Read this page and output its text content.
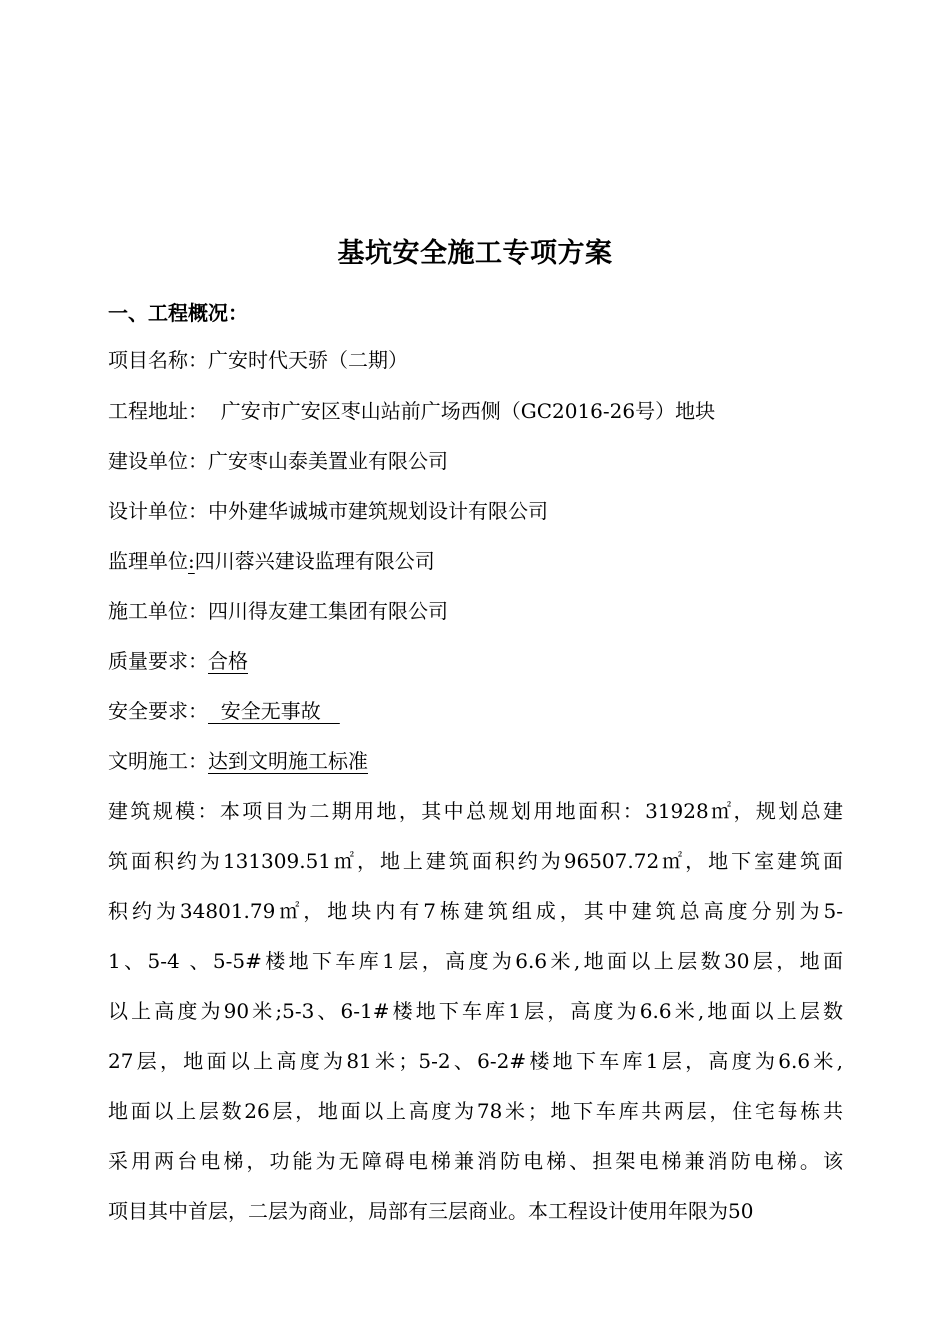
基坑安全施工专项方案
一、工程概况：
项目名称：广安时代天骄（二期）
工程地址：  广安市广安区枣山站前广场西侧（GC2016-26号）地块
建设单位：广安枣山泰美置业有限公司
设计单位：中外建华诚城市建筑规划设计有限公司
监理单位:四川蓉兴建设监理有限公司
施工单位：四川得友建工集团有限公司
质量要求：合格
安全要求：  安全无事故
文明施工：达到文明施工标准
建筑规模：本项目为二期用地，其中总规划用地面积：31928㎡，规划总建
筑面积约为131309.51㎡，地上建筑面积约为96507.72㎡，地下室建筑面
积约为34801.79㎡，地块内有7栋建筑组成，其中建筑总高度分别为5-
1、5-4 、5-5#楼地下车库1层，高度为6.6米,地面以上层数30层，地面
以上高度为90米;5-3、6-1#楼地下车库1层，高度为6.6米,地面以上层数
27层，地面以上高度为81米；5-2、6-2#楼地下车库1层，高度为6.6米,
地面以上层数26层，地面以上高度为78米；地下车库共两层，住宅每栋共
采用两台电梯，功能为无障碍电梯兼消防电梯、担架电梯兼消防电梯。该
项目其中首层，二层为商业，局部有三层商业。本工程设计使用年限为50
